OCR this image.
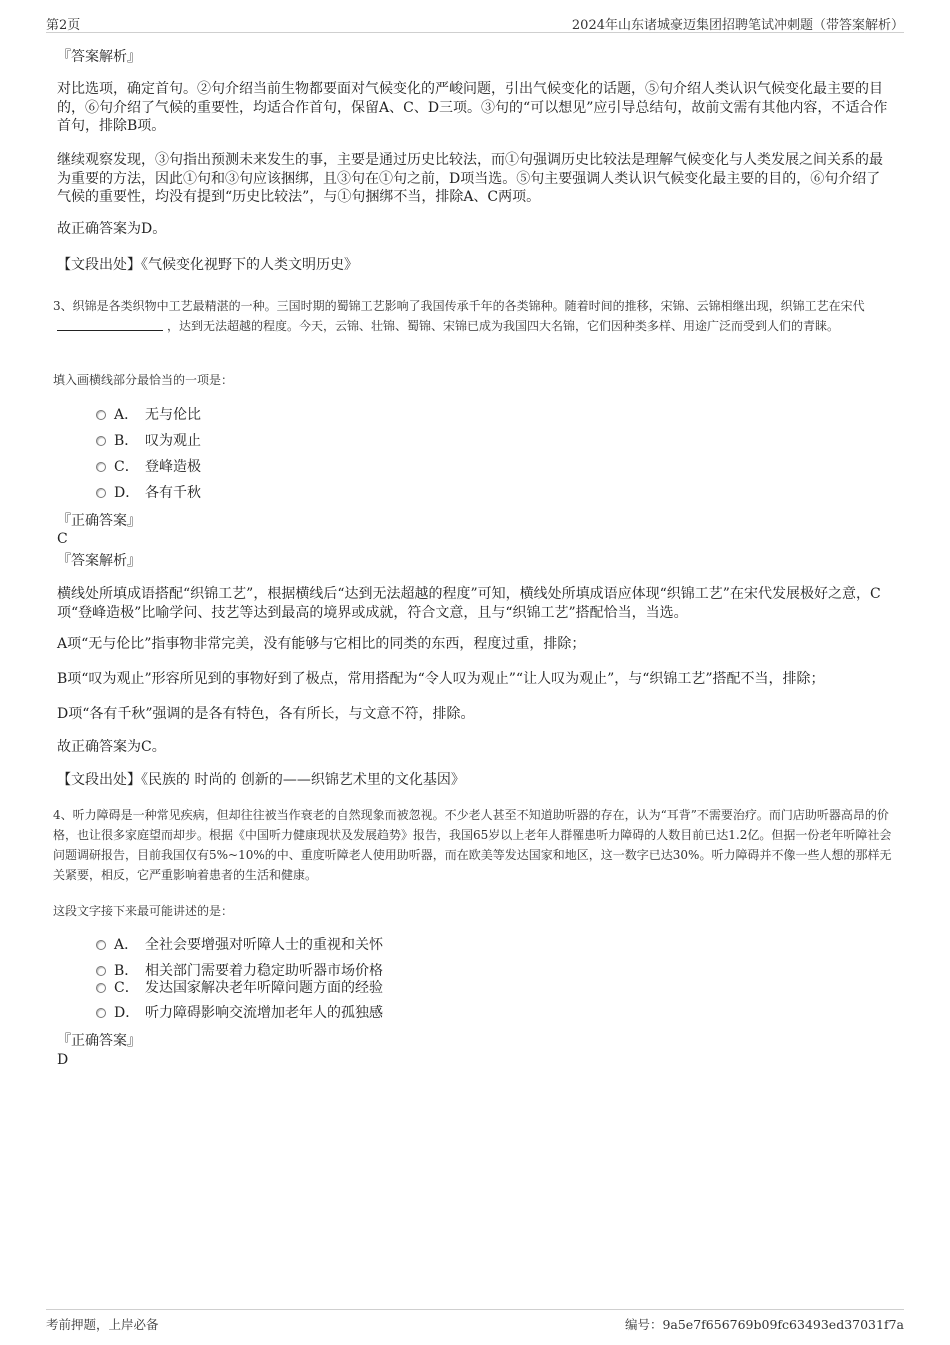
第2页	2024年山东诸城豪迈集团招聘笔试冲刺题（带答案解析）

『答案解析』

对比选项，确定首句。②句介绍当前生物都要面对气候变化的严峻问题，引出气候变化的话题，⑤句介绍人类认识气候变化最主要的目的，⑥句介绍了气候的重要性，均适合作首句，保留A、C、D三项。③句的“可以想见”应引导总结句，故前文需有其他内容，不适合作首句，排除B项。

继续观察发现，③句指出预测未来发生的事，主要是通过历史比较法，而①句强调历史比较法是理解气候变化与人类发展之间关系的最为重要的方法，因此①句和③句应该捆绑，且③句在①句之前，D项当选。⑤句主要强调人类认识气候变化最主要的目的，⑥句介绍了气候的重要性，均没有提到“历史比较法”，与①句捆绑不当，排除A、C两项。

故正确答案为D。

【文段出处】《气候变化视野下的人类文明历史》

3、织锦是各类织物中工艺最精湛的一种。三国时期的蜀锦工艺影响了我国传承千年的各类锦种。随着时间的推移，宋锦、云锦相继出现，织锦工艺在宋代，达到无法超越的程度。今天，云锦、壮锦、蜀锦、宋锦已成为我国四大名锦，它们因种类多样、用途广泛而受到人们的青睐。

填入画横线部分最恰当的一项是：

A． 无与伦比
B． 叹为观止
C． 登峰造极
D． 各有千秋

『正确答案』

C

『答案解析』

横线处所填成语搭配“织锦工艺”，根据横线后“达到无法超越的程度”可知，横线处所填成语应体现“织锦工艺”在宋代发展极好之意，C项“登峰造极”比喻学问、技艺等达到最高的境界或成就，符合文意，且与“织锦工艺”搭配恰当，当选。

A项“无与伦比”指事物非常完美，没有能够与它相比的同类的东西，程度过重，排除；

B项“叹为观止”形容所见到的事物好到了极点，常用搭配为“令人叹为观止”“让人叹为观止”，与“织锦工艺”搭配不当，排除；

D项“各有千秋”强调的是各有特色，各有所长，与文意不符，排除。

故正确答案为C。

【文段出处】《民族的 时尚的 创新的——织锦艺术里的文化基因》

4、听力障碍是一种常见疾病，但却往往被当作衰老的自然现象而被忽视。不少老人甚至不知道助听器的存在，认为“耳背”不需要治疗。而门店助听器高昂的价格，也让很多家庭望而却步。根据《中国听力健康现状及发展趋势》报告，我国65岁以上老年人群罹患听力障碍的人数目前已达1.2亿。但据一份老年听障社会问题调研报告，目前我国仅有5%~10%的中、重度听障老人使用助听器，而在欧美等发达国家和地区，这一数字已达30%。听力障碍并不像一些人想的那样无关紧要，相反，它严重影响着患者的生活和健康。

这段文字接下来最可能讲述的是：

A． 全社会要增强对听障人士的重视和关怀
B． 相关部门需要着力稳定助听器市场价格
C． 发达国家解决老年听障问题方面的经验
D． 听力障碍影响交流增加老年人的孤独感

『正确答案』

D

考前押题，上岸必备	编号：9a5e7f656769b09fc63493ed37031f7a
